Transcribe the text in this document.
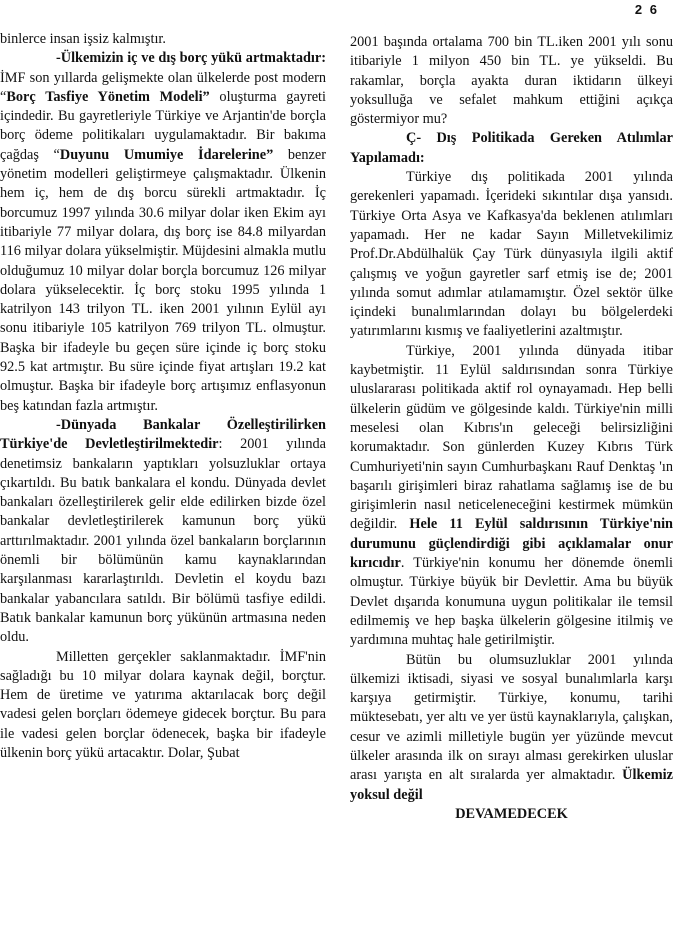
2 6

binlerce insan işsiz kalmıştır.

-Ülkemizin iç ve dış borç yükü artmaktadır: İMF son yıllarda gelişmekte olan ülkelerde post modern “Borç Tasfiye Yönetim Modeli” oluşturma gayreti içindedir. Bu gayretleriyle Türkiye ve Arjantin'de borçla borç ödeme politikaları uygulamaktadır. Bir bakıma çağdaş “Duyunu Umumiye İdarelerine” benzer yönetim modelleri geliştirmeye çalışmaktadır. Ülkenin hem iç, hem de dış borcu sürekli artmaktadır. İç borcumuz 1997 yılında 30.6 milyar dolar iken Ekim ayı itibariyle 77 milyar dolara, dış borç ise 84.8 milyardan 116 milyar dolara yükselmiştir. Müjdesini almakla mutlu olduğumuz 10 milyar dolar borçla borcumuz 126 milyar dolara yükselecektir. İç borç stoku 1995 yılında 1 katrilyon 143 trilyon TL. iken 2001 yılının Eylül ayı sonu itibariyle 105 katrilyon 769 trilyon TL. olmuştur. Başka bir ifadeyle bu geçen süre içinde iç borç stoku 92.5 kat artmıştır. Bu süre içinde fiyat artışları 19.2 kat olmuştur. Başka bir ifadeyle borç artışımız enflasyonun beş katından fazla artmıştır.

-Dünyada Bankalar Özelleştirilirken Türkiye'de Devletleştirilmektedir: 2001 yılında denetimsiz bankaların yaptıkları yolsuzluklar ortaya çıkartıldı. Bu batık bankalara el kondu. Dünyada devlet bankaları özelleştirilerek gelir elde edilirken bizde özel bankalar devletleştirilerek kamunun borç yükü arttırılmaktadır. 2001 yılında özel bankaların borçlarının önemli bir bölümünün kamu kaynaklarından karşılanması kararlaştırıldı. Devletin el koydu bazı bankalar yabancılara satıldı. Bir bölümü tasfiye edildi. Batık bankalar kamunun borç yükünün artmasına neden oldu.

Milletten gerçekler saklanmaktadır. İMF'nin sağladığı bu 10 milyar dolara kaynak değil, borçtur. Hem de üretime ve yatırıma aktarılacak borç değil vadesi gelen borçları ödemeye gidecek borçtur. Bu para ile vadesi gelen borçlar ödenecek, başka bir ifadeyle ülkenin borç yükü artacaktır. Dolar, Şubat

2001 başında ortalama 700 bin TL.iken 2001 yılı sonu itibariyle 1 milyon 450 bin TL. ye yükseldi. Bu rakamlar, borçla ayakta duran iktidarın ülkeyi yoksulluğa ve sefalet mahkum ettiğini açıkça göstermiyor mu?

Ç- Dış Politikada Gereken Atılımlar Yapılamadı:

Türkiye dış politikada 2001 yılında gerekenleri yapamadı. İçerideki sıkıntılar dışa yansıdı. Türkiye Orta Asya ve Kafkasya'da beklenen atılımları yapamadı. Her ne kadar Sayın Milletvekilimiz Prof.Dr.Abdülhalük Çay Türk dünyasıyla ilgili aktif çalışmış ve yoğun gayretler sarf etmiş ise de; 2001 yılında somut adımlar atılamamıştır. Özel sektör ülke içindeki bunalımlarından dolayı bu bölgelerdeki yatırımlarını kısmış ve faaliyetlerini azaltmıştır.

Türkiye, 2001 yılında dünyada itibar kaybetmiştir. 11 Eylül saldırısından sonra Türkiye uluslararası politikada aktif rol oynayamadı. Hep belli ülkelerin güdüm ve gölgesinde kaldı. Türkiye'nin milli meselesi olan Kıbrıs'ın geleceği belirsizliğini korumaktadır. Son günlerden Kuzey Kıbrıs Türk Cumhuriyeti'nin sayın Cumhurbaşkanı Rauf Denktaş 'ın başarılı girişimleri biraz rahatlama sağlamış ise de bu girişimlerin nasıl neticeleneceğini kestirmek mümkün değildir. Hele 11 Eylül saldırısının Türkiye'nin durumunu güçlendirdiği gibi açıklamalar onur kırıcıdır. Türkiye'nin konumu her dönemde önemli olmuştur. Türkiye büyük bir Devlettir. Ama bu büyük Devlet dışarıda konumuna uygun politikalar ile temsil edilmemiş ve hep başka ülkelerin gölgesine itilmiş ve yardımına muhtaç hale getirilmiştir.

Bütün bu olumsuzluklar 2001 yılında ülkemizi iktisadi, siyasi ve sosyal bunalımlarla karşı karşıya getirmiştir. Türkiye, konumu, tarihi müktesebatı, yer altı ve yer üstü kaynaklarıyla, çalışkan, cesur ve azimli milletiyle bugün yer yüzünde mevcut ülkeler arasında ilk on sırayı alması gerekirken uluslar arası yarışta en alt sıralarda yer almaktadır. Ülkemiz yoksul değil

DEVAMEDECEK
